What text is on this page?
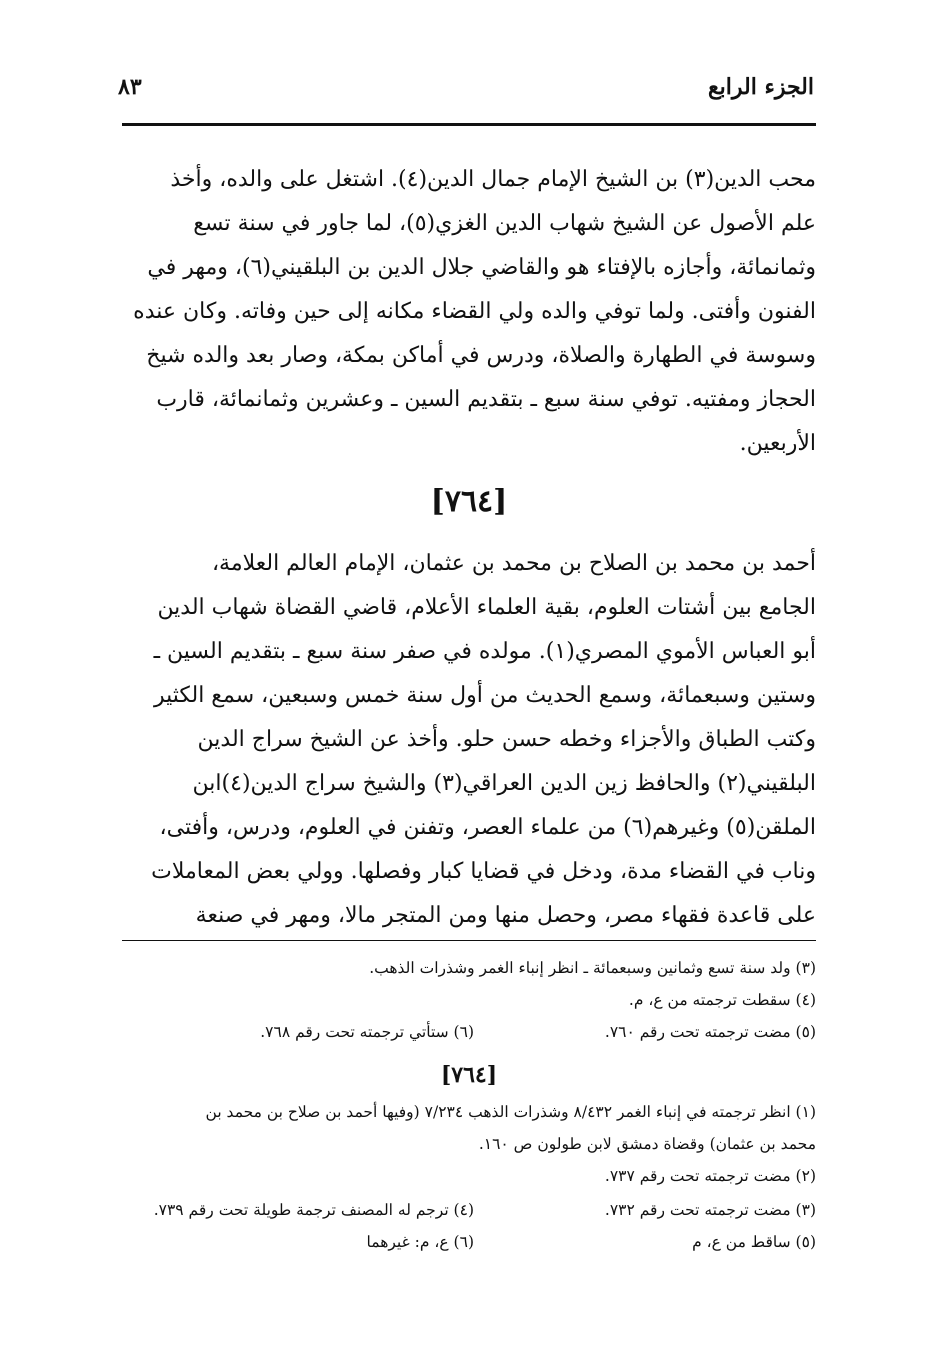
الجزء الرابع
٨٣
محب الدين(٣) بن الشيخ الإمام جمال الدين(٤). اشتغل على والده، وأخذ
علم الأصول عن الشيخ شهاب الدين الغزي(٥)، لما جاور في سنة تسع
وثمانمائة، وأجازه بالإفتاء هو والقاضي جلال الدين بن البلقيني(٦)، ومهر في
الفنون وأفتى. ولما توفي والده ولي القضاء مكانه إلى حين وفاته. وكان عنده
وسوسة في الطهارة والصلاة، ودرس في أماكن بمكة، وصار بعد والده شيخ
الحجاز ومفتيه. توفي سنة سبع ـ بتقديم السين ـ وعشرين وثمانمائة، قارب
الأربعين.
[٧٦٤]
أحمد بن محمد بن الصلاح بن محمد بن عثمان، الإمام العالم العلامة،
الجامع بين أشتات العلوم، بقية العلماء الأعلام، قاضي القضاة شهاب الدين
أبو العباس الأموي المصري(١). مولده في صفر سنة سبع ـ بتقديم السين ـ
وستين وسبعمائة، وسمع الحديث من أول سنة خمس وسبعين، سمع الكثير
وكتب الطباق والأجزاء وخطه حسن حلو. وأخذ عن الشيخ سراج الدين
البلقيني(٢) والحافظ زين الدين العراقي(٣) والشيخ سراج الدين(٤)ابن
الملقن(٥) وغيرهم(٦) من علماء العصر، وتفنن في العلوم، ودرس، وأفتى،
وناب في القضاء مدة، ودخل في قضايا كبار وفصلها. وولي بعض المعاملات
على قاعدة فقهاء مصر، وحصل منها ومن المتجر مالا، ومهر في صنعة
(٣) ولد سنة تسع وثمانين وسبعمائة ـ انظر إنباء الغمر وشذرات الذهب.
(٤) سقطت ترجمته من ع، م.
(٥) مضت ترجمته تحت رقم ٧٦٠.
(٦) ستأتي ترجمته تحت رقم ٧٦٨.
[٧٦٤]
(١) انظر ترجمته في إنباء الغمر ٨/٤٣٢ وشذرات الذهب ٧/٢٣٤ (وفيها أحمد بن صلاح بن محمد بن
محمد بن عثمان) وقضاة دمشق لابن طولون ص ١٦٠.
(٢) مضت ترجمته تحت رقم ٧٣٧.
(٣) مضت ترجمته تحت رقم ٧٣٢.
(٤) ترجم له المصنف ترجمة طويلة تحت رقم ٧٣٩.
(٥) ساقط من ع، م
(٦) ع، م: غيرهما
